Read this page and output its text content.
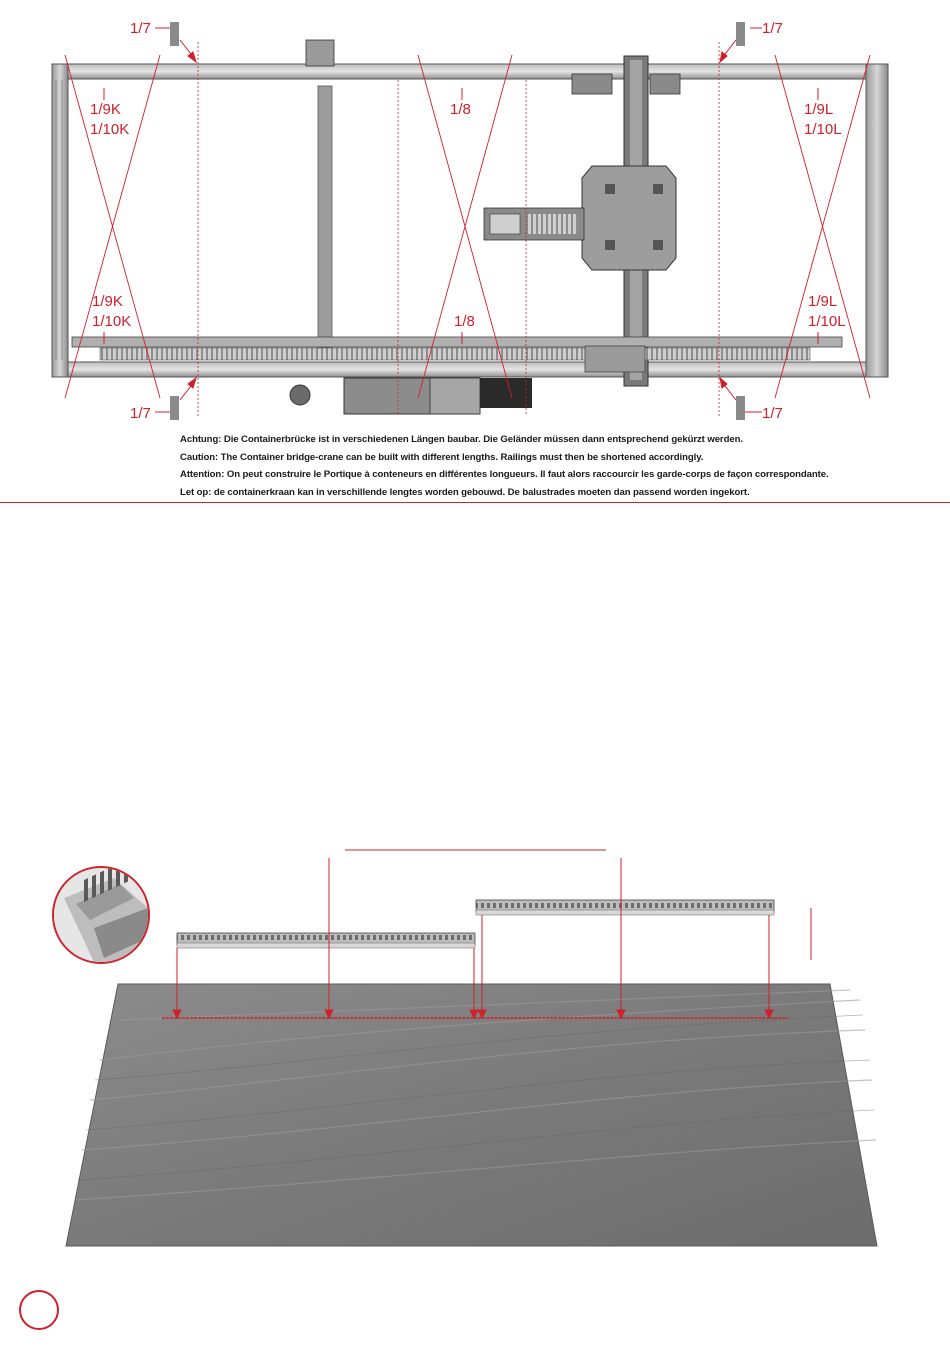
1/7	1/7
1/7	1/7
1/9K
1/10K
1/8	1/9L
1/10L
1/9K
1/10K	1/8
1/9L
1/10L
Achtung: Die Containerbrücke ist in verschiedenen Längen baubar. Die Geländer müssen dann entsprechend gekürzt werden.
Caution: The Container bridge-crane can be built with different lengths. Railings must then be shortened accordingly.
Attention: On peut construire le Portique à conteneurs en différentes longueurs. Il faut alors raccourcir les garde-corps de façon correspondante.
Let op: de containerkraan kan in verschillende lengtes worden gebouwd. De balustrades moeten dan passend worden ingekort.
